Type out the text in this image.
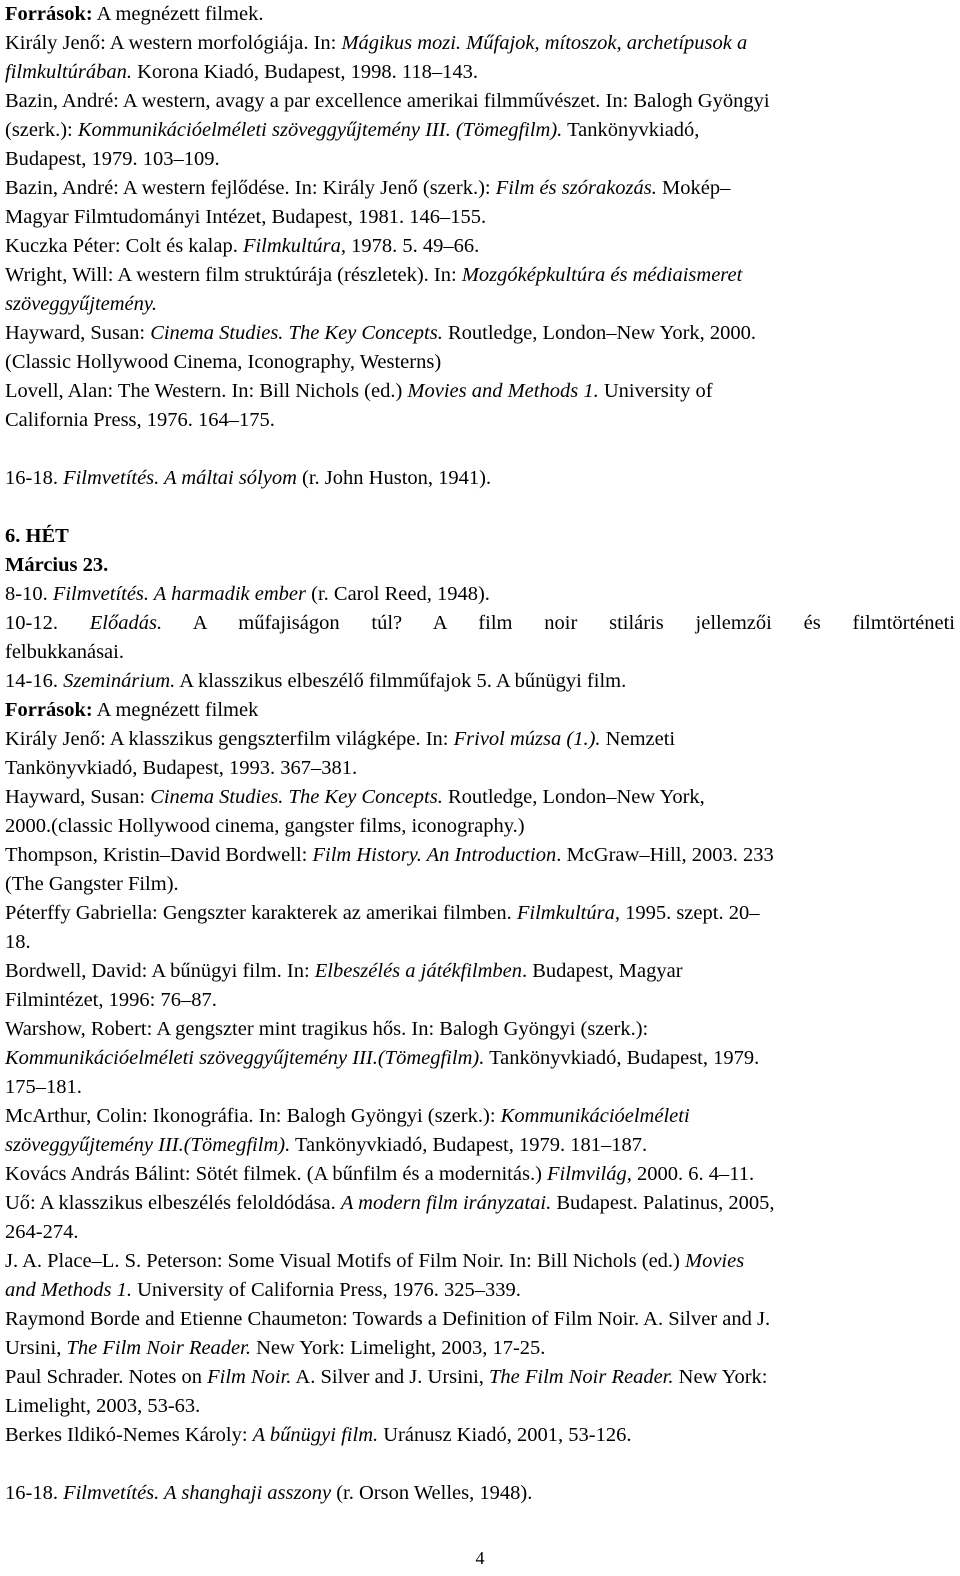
Források: A megnézett filmek.
Király Jenő: A western morfológiája. In: Mágikus mozi. Műfajok, mítoszok, archetípusok a
filmkultúrában. Korona Kiadó, Budapest, 1998. 118–143.
Bazin, André: A western, avagy a par excellence amerikai filmművészet. In: Balogh Gyöngyi
(szerk.): Kommunikációelméleti szöveggyűjtemény III. (Tömegfilm). Tankönyvkiadó,
Budapest, 1979. 103–109.
Bazin, André: A western fejlődése. In: Király Jenő (szerk.): Film és szórakozás. Mokép–
Magyar Filmtudományi Intézet, Budapest, 1981. 146–155.
Kuczka Péter: Colt és kalap. Filmkultúra, 1978. 5. 49–66.
Wright, Will: A western film struktúrája (részletek). In: Mozgóképkultúra és médiaismeret
szöveggyűjtemény.
Hayward, Susan: Cinema Studies. The Key Concepts. Routledge, London–New York, 2000.
(Classic Hollywood Cinema, Iconography, Westerns)
Lovell, Alan: The Western. In: Bill Nichols (ed.) Movies and Methods 1. University of
California Press, 1976. 164–175.
16-18. Filmvetítés. A máltai sólyom (r. John Huston, 1941).
6. HÉT
Március 23.
8-10. Filmvetítés. A harmadik ember (r. Carol Reed, 1948).
10-12. Előadás. A műfajiságon túl? A film noir stiláris jellemzői és filmtörténeti
felbukkanásai.
14-16. Szeminárium. A klasszikus elbeszélő filmműfajok 5. A bűnügyi film.
Források: A megnézett filmek
Király Jenő: A klasszikus gengszterfilm világképe. In: Frivol múzsa (1.). Nemzeti
Tankönyvkiadó, Budapest, 1993. 367–381.
Hayward, Susan: Cinema Studies. The Key Concepts. Routledge, London–New York,
2000.(classic Hollywood cinema, gangster films, iconography.)
Thompson, Kristin–David Bordwell: Film History. An Introduction. McGraw–Hill, 2003. 233
(The Gangster Film).
Péterffy Gabriella: Gengszter karakterek az amerikai filmben. Filmkultúra, 1995. szept. 20–
18.
Bordwell, David: A bűnügyi film. In: Elbeszélés a játékfilmben. Budapest, Magyar
Filmintézet, 1996: 76–87.
Warshow, Robert: A gengszter mint tragikus hős. In: Balogh Gyöngyi (szerk.):
Kommunikációelméleti szöveggyűjtemény III.(Tömegfilm). Tankönyvkiadó, Budapest, 1979.
175–181.
McArthur, Colin: Ikonográfia. In: Balogh Gyöngyi (szerk.): Kommunikációelméleti
szöveggyűjtemény III.(Tömegfilm). Tankönyvkiadó, Budapest, 1979. 181–187.
Kovács András Bálint: Sötét filmek. (A bűnfilm és a modernitás.) Filmvilág, 2000. 6. 4–11.
Uő: A klasszikus elbeszélés feloldódása. A modern film irányzatai. Budapest. Palatinus, 2005,
264-274.
J. A. Place–L. S. Peterson: Some Visual Motifs of Film Noir. In: Bill Nichols (ed.) Movies
and Methods 1. University of California Press, 1976. 325–339.
Raymond Borde and Etienne Chaumeton: Towards a Definition of Film Noir. A. Silver and J.
Ursini, The Film Noir Reader. New York: Limelight, 2003, 17-25.
Paul Schrader. Notes on Film Noir. A. Silver and J. Ursini, The Film Noir Reader. New York:
Limelight, 2003, 53-63.
Berkes Ildikó-Nemes Károly: A bűnügyi film. Uránusz Kiadó, 2001, 53-126.
16-18. Filmvetítés. A shanghaji asszony (r. Orson Welles, 1948).
4
